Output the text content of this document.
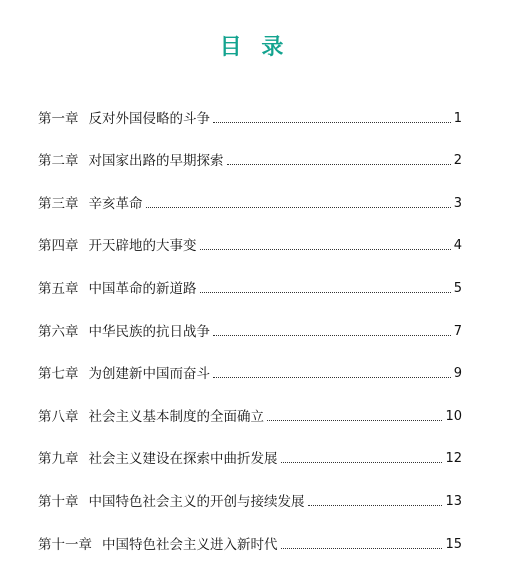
目 录
第一章 反对外国侵略的斗争	1
第二章 对国家出路的早期探索	2
第三章 辛亥革命	3
第四章 开天辟地的大事变	4
第五章 中国革命的新道路	5
第六章 中华民族的抗日战争	7
第七章 为创建新中国而奋斗	9
第八章 社会主义基本制度的全面确立	10
第九章 社会主义建设在探索中曲折发展	12
第十章 中国特色社会主义的开创与接续发展	13
第十一章 中国特色社会主义进入新时代	15
